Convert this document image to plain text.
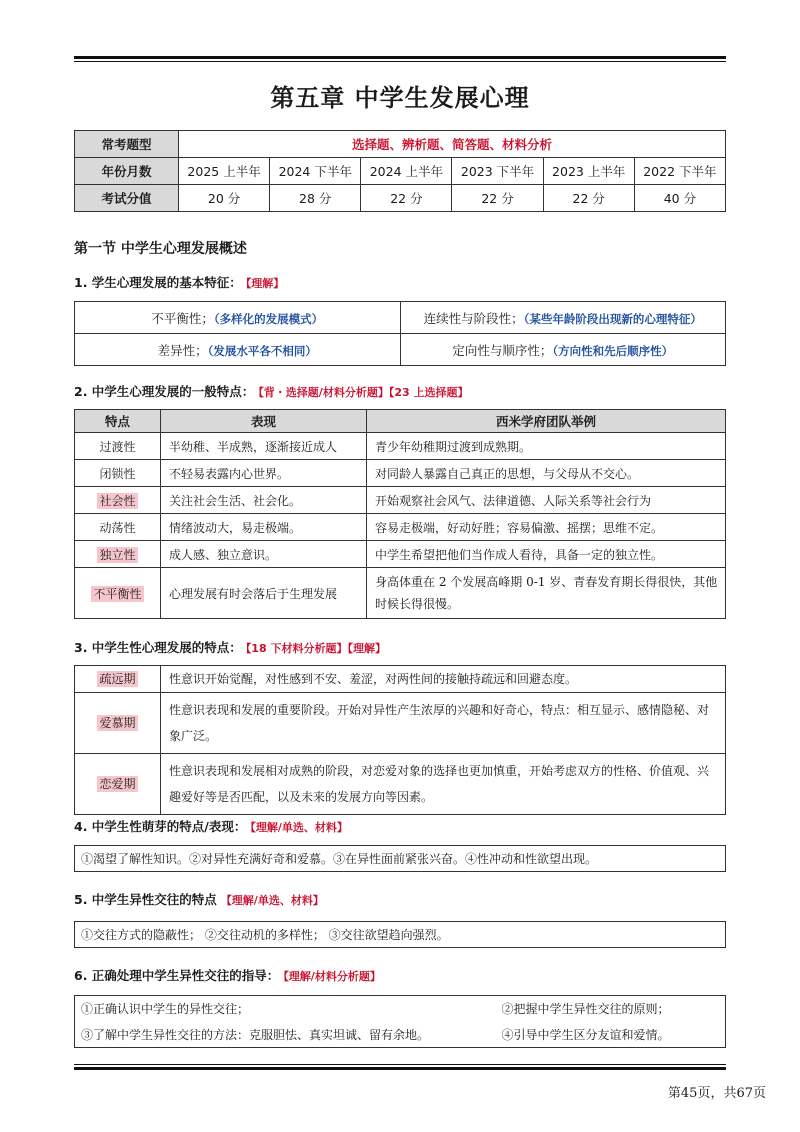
第五章 中学生发展心理
常考题型	选择题、辨析题、简答题、材料分析					
年份月数	2025 上半年	2024 下半年	2024 上半年	2023 下半年	2023 上半年	2022 下半年
考试分值	20 分	28 分	22 分	22 分	22 分	40 分
第一节 中学生心理发展概述
1. 学生心理发展的基本特征： 【理解】
不平衡性；（多样化的发展模式）	连续性与阶段性；（某些年龄阶段出现新的心理特征）
差异性；（发展水平各不相同）	定向性与顺序性；（方向性和先后顺序性）
2. 中学生心理发展的一般特点： 【背・选择题/材料分析题】【23 上选择题】
特点	表现	西米学府团队举例
过渡性	半幼稚、半成熟，逐渐接近成人	青少年幼稚期过渡到成熟期。
闭锁性	不轻易表露内心世界。	对同龄人暴露自己真正的思想，与父母从不交心。
社会性	关注社会生活、社会化。	开始观察社会风气、法律道德、人际关系等社会行为
动荡性	情绪波动大，易走极端。	容易走极端，好动好胜；容易偏激、摇摆；思维不定。
独立性	成人感、独立意识。	中学生希望把他们当作成人看待，具备一定的独立性。
不平衡性	心理发展有时会落后于生理发展	身高体重在 2 个发展高峰期 0-1 岁、青春发育期长得很快，其他时候长得很慢。
3. 中学生性心理发展的特点： 【18 下材料分析题】【理解】
疏远期	性意识开始觉醒，对性感到不安、羞涩，对两性间的接触持疏远和回避态度。
爱慕期	性意识表现和发展的重要阶段。开始对异性产生浓厚的兴趣和好奇心，特点：相互显示、感情隐秘、对象广泛。
恋爱期	性意识表现和发展相对成熟的阶段，对恋爱对象的选择也更加慎重，开始考虑双方的性格、价值观、兴趣爱好等是否匹配，以及未来的发展方向等因素。
4. 中学生性萌芽的特点/表现： 【理解/单选、材料】
①渴望了解性知识。②对异性充满好奇和爱慕。③在异性面前紧张兴奋。④性冲动和性欲望出现。
5. 中学生异性交往的特点 【理解/单选、材料】
①交往方式的隐蔽性； ②交往动机的多样性； ③交往欲望趋向强烈。
6. 正确处理中学生异性交往的指导： 【理解/材料分析题】
①正确认识中学生的异性交往；	②把握中学生异性交往的原则；
③了解中学生异性交往的方法：克服胆怯、真实坦诚、留有余地。	④引导中学生区分友谊和爱情。
第45页，共67页
